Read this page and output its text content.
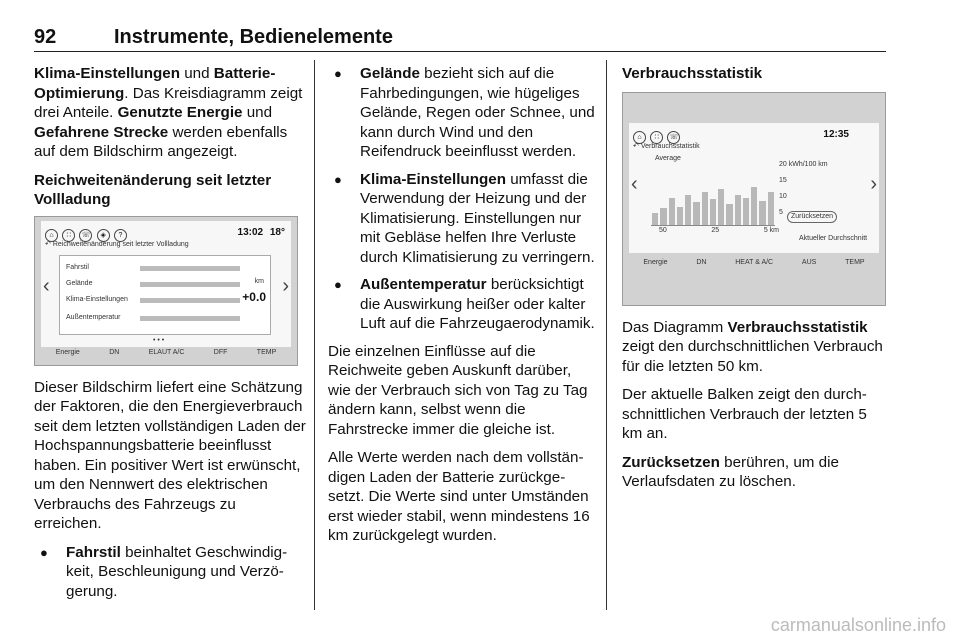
92	Instrumente, Bedienelemente

Klima-Einstellungen und Batterie-Optimierung. Das Kreisdiagramm zeigt drei Anteile. Genutzte Energie und Gefahrene Strecke werden ebenfalls auf dem Bildschirm angezeigt.

Reichweitenänderung seit letzter Vollladung

⌂ ∷ ☏ ◈ ?	13:02 18°
↶ Reichweitenänderung seit letzter Vollladung
Fahrstil
Gelände
Klima-Einstellungen
Außentemperatur
km
+0.0
‹	›
• • •
Energie	DN	ELAUT A/C	DFF	TEMP

Dieser Bildschirm liefert eine Schätzung der Faktoren, die den Energieverbrauch seit dem letzten vollständigen Laden der Hochspannungsbatterie beeinflusst haben. Ein positiver Wert ist erwünscht, um den Nennwert des elektrischen Verbrauchs des Fahrzeugs zu erreichen.

● Fahrstil beinhaltet Geschwindigkeit, Beschleunigung und Verzögerung.
● Gelände bezieht sich auf die Fahrbedingungen, wie hügeliges Gelände, Regen oder Schnee, und kann durch Wind und den Reifendruck beeinflusst werden.
● Klima-Einstellungen umfasst die Verwendung der Heizung und der Klimatisierung. Einstellungen nur mit Gebläse helfen Ihre Verluste durch Klimatisierung zu verringern.
● Außentemperatur berücksichtigt die Auswirkung heißer oder kalter Luft auf die Fahrzeugaerodynamik.

Die einzelnen Einflüsse auf die Reichweite geben Auskunft darüber, wie der Verbrauch sich von Tag zu Tag ändern kann, selbst wenn die Fahrstrecke immer die gleiche ist.

Alle Werte werden nach dem vollständigen Laden der Batterie zurückgesetzt. Die Werte sind unter Umständen erst wieder stabil, wenn mindestens 16 km zurückgelegt wurden.

Verbrauchsstatistik

⌂ ∷ ☏	12:35
↶ Verbrauchsstatistik
Average
20 kWh/100 km
15
10
5
50	25	5 km
Zurücksetzen
Aktueller Durchschnitt
‹	›
Energie	DN	HEAT & A/C	AUS	TEMP

Das Diagramm Verbrauchsstatistik zeigt den durchschnittlichen Verbrauch für die letzten 50 km.

Der aktuelle Balken zeigt den durchschnittlichen Verbrauch der letzten 5 km an.

Zurücksetzen berühren, um die Verlaufsdaten zu löschen.

carmanualsonline.info
